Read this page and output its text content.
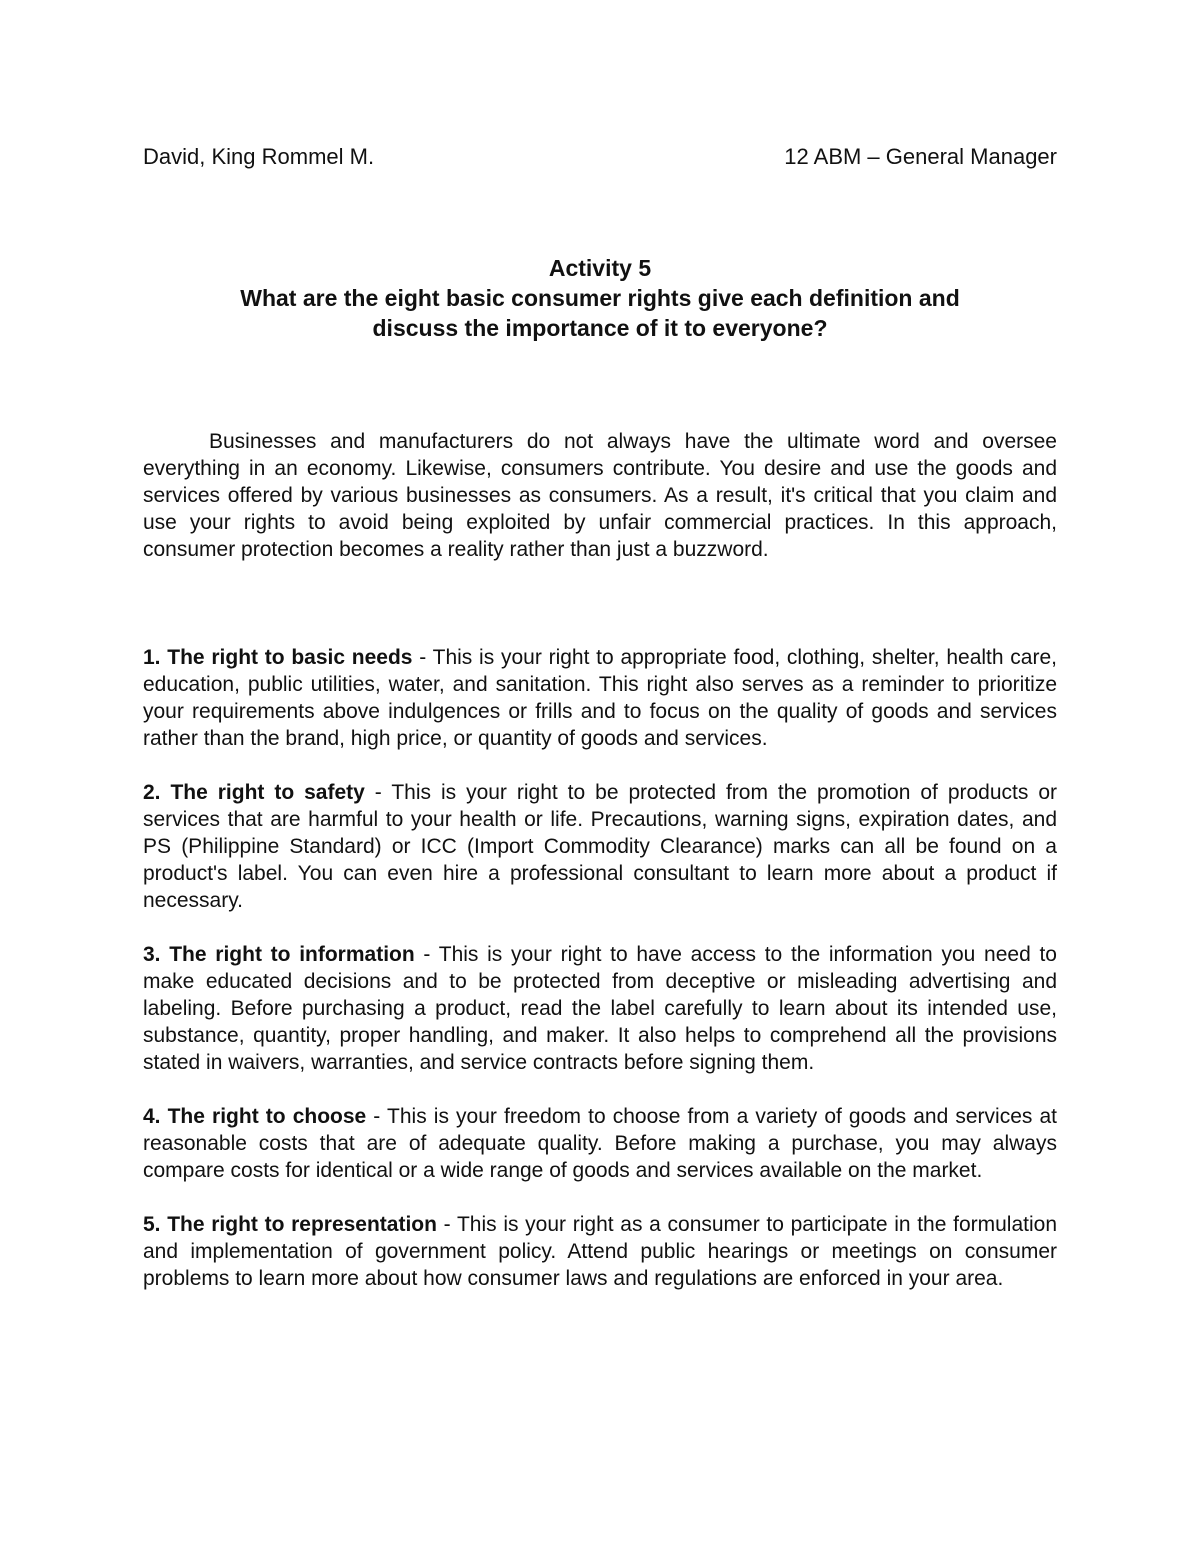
David, King Rommel M.	12 ABM – General Manager
Activity 5
What are the eight basic consumer rights give each definition and
discuss the importance of it to everyone?

Businesses and manufacturers do not always have the ultimate word and oversee everything in an economy. Likewise, consumers contribute. You desire and use the goods and services offered by various businesses as consumers. As a result, it's critical that you claim and use your rights to avoid being exploited by unfair commercial practices. In this approach, consumer protection becomes a reality rather than just a buzzword.

1. The right to basic needs - This is your right to appropriate food, clothing, shelter, health care, education, public utilities, water, and sanitation. This right also serves as a reminder to prioritize your requirements above indulgences or frills and to focus on the quality of goods and services rather than the brand, high price, or quantity of goods and services.

2. The right to safety - This is your right to be protected from the promotion of products or services that are harmful to your health or life. Precautions, warning signs, expiration dates, and PS (Philippine Standard) or ICC (Import Commodity Clearance) marks can all be found on a product's label. You can even hire a professional consultant to learn more about a product if necessary.

3. The right to information - This is your right to have access to the information you need to make educated decisions and to be protected from deceptive or misleading advertising and labeling. Before purchasing a product, read the label carefully to learn about its intended use, substance, quantity, proper handling, and maker. It also helps to comprehend all the provisions stated in waivers, warranties, and service contracts before signing them.

4. The right to choose - This is your freedom to choose from a variety of goods and services at reasonable costs that are of adequate quality. Before making a purchase, you may always compare costs for identical or a wide range of goods and services available on the market.

5. The right to representation - This is your right as a consumer to participate in the formulation and implementation of government policy. Attend public hearings or meetings on consumer problems to learn more about how consumer laws and regulations are enforced in your area.
